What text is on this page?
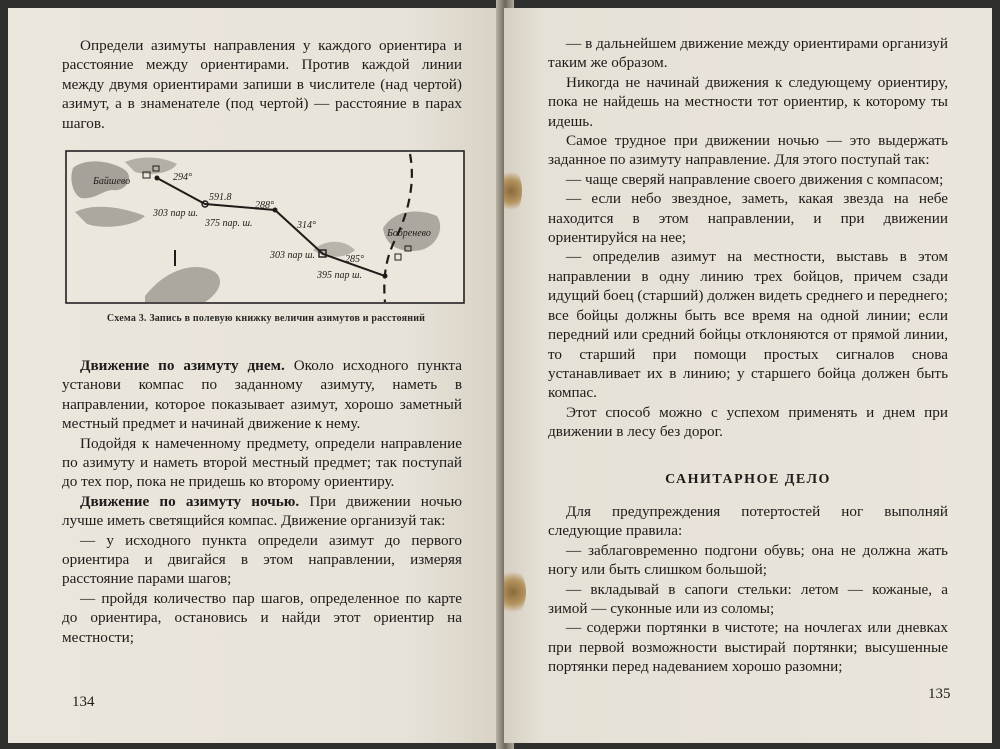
Определи азимуты направления у каждого ориентира и расстояние между ориентирами. Против каждой линии между двумя ориентирами запиши в числителе (над чертой) азимут, а в знаменателе (под чертой) — расстояние в парах шагов.

Байшево
Бобренево
294°
303 пар ш.
591.8
375 пар. ш.
288°
314°
303 пар ш.	285°
395 пар ш.
Схема 3. Запись в полевую книжку величин азимутов и расстояний

Движение по азимуту днем. Около исходного пункта установи компас по заданному азимуту, наметь в направлении, которое показывает азимут, хорошо заметный местный предмет и начинай движение к нему.

Подойдя к намеченному предмету, определи направление по азимуту и наметь второй местный предмет; так поступай до тех пор, пока не придешь ко второму ориентиру.

Движение по азимуту ночью. При движении ночью лучше иметь светящийся компас. Движение организуй так:

— у исходного пункта определи азимут до первого ориентира и двигайся в этом направлении, измеряя расстояние парами шагов;

— пройдя количество пар шагов, определенное по карте до ориентира, остановись и найди этот ориентир на местности;

134

— в дальнейшем движение между ориентирами организуй таким же образом.

Никогда не начинай движения к следующему ориентиру, пока не найдешь на местности тот ориентир, к которому ты идешь.

Самое трудное при движении ночью — это выдержать заданное по азимуту направление. Для этого поступай так:

— чаще сверяй направление своего движения с компасом;

— если небо звездное, заметь, какая звезда на небе находится в этом направлении, и при движении ориентируйся на нее;

— определив азимут на местности, выставь в этом направлении в одну линию трех бойцов, причем сзади идущий боец (старший) должен видеть среднего и переднего; все бойцы должны быть все время на одной линии; если передний или средний бойцы отклоняются от прямой линии, то старший при помощи простых сигналов снова устанавливает их в линию; у старшего бойца должен быть компас.

Этот способ можно с успехом применять и днем при движении в лесу без дорог.

САНИТАРНОЕ ДЕЛО

Для предупреждения потертостей ног выполняй следующие правила:

— заблаговременно подгони обувь; она не должна жать ногу или быть слишком большой;

— вкладывай в сапоги стельки: летом — кожаные, а зимой — суконные или из соломы;

— содержи портянки в чистоте; на ночлегах или дневках при первой возможности выстирай портянки; высушенные портянки перед надеванием хорошо разомни;

135
